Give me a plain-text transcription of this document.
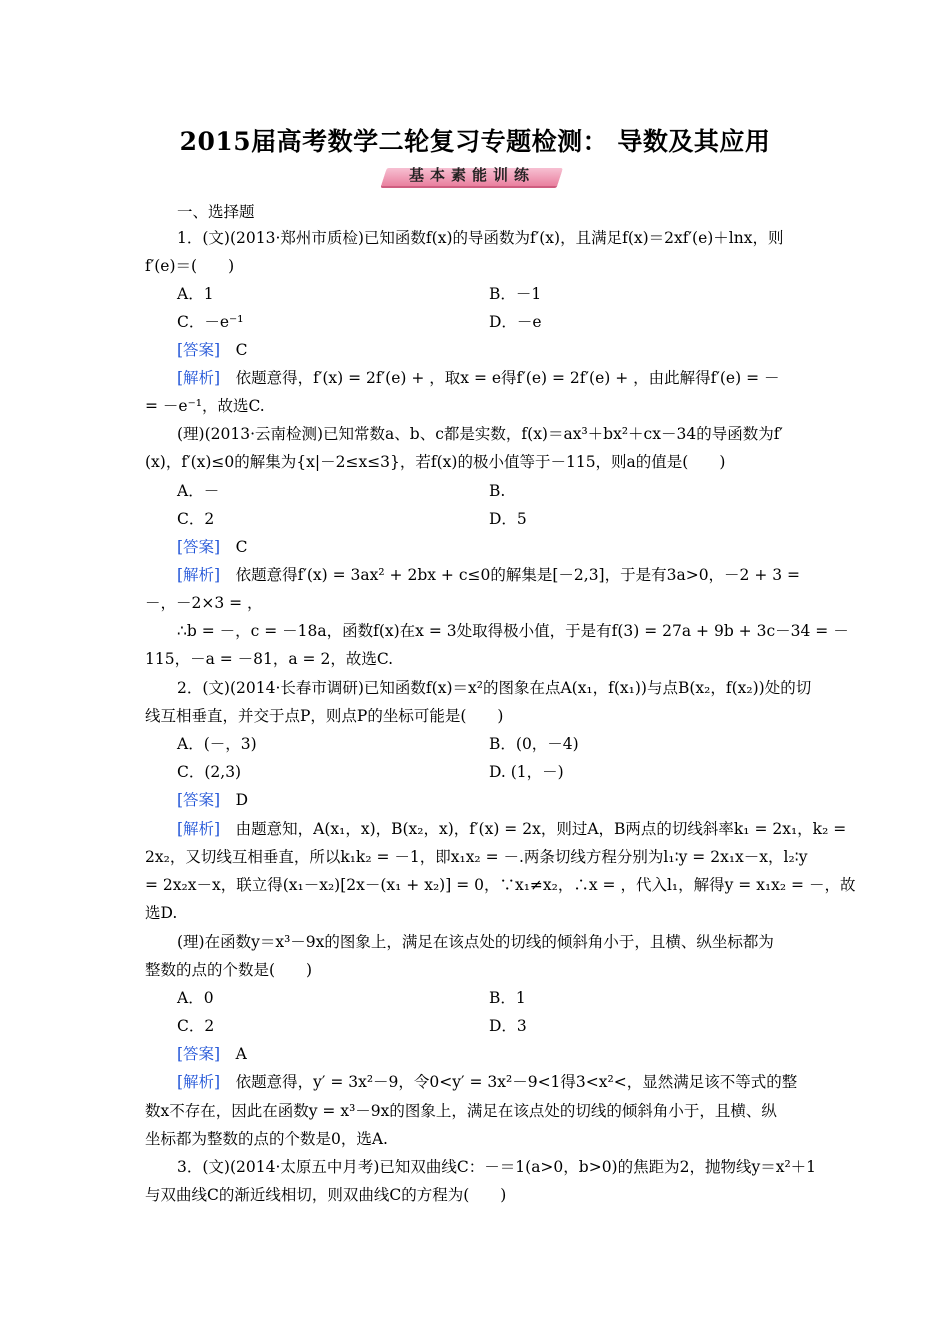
2015届高考数学二轮复习专题检测： 导数及其应用
基本素能训练
一、选择题
1．(文)(2013·郑州市质检)已知函数f(x)的导函数为f′(x)，且满足f(x)＝2xf′(e)＋lnx，则
f′(e)＝(　　)
A．1	B．－1
C．－e⁻¹	D．－e
[答案]　 C
[解析]　 依题意得，f′(x) = 2f′(e) + ，取x = e得f′(e) = 2f′(e) + ，由此解得f′(e) = －
= －e⁻¹，故选C.
(理)(2013·云南检测)已知常数a、b、c都是实数，f(x)＝ax³＋bx²＋cx－34的导函数为f′
(x)，f′(x)≤0的解集为{x|－2≤x≤3}，若f(x)的极小值等于－115，则a的值是(　　)
A．－	B.
C．2	D．5
[答案]　 C
[解析]　 依题意得f′(x) = 3ax² + 2bx + c≤0的解集是[－2,3]，于是有3a>0，－2 + 3 =
－，－2×3 = ，
∴b = －，c = －18a，函数f(x)在x = 3处取得极小值，于是有f(3) = 27a + 9b + 3c－34 = －
115，－a = －81，a = 2，故选C.
2．(文)(2014·长春市调研)已知函数f(x)＝x²的图象在点A(x₁，f(x₁))与点B(x₂，f(x₂))处的切
线互相垂直，并交于点P，则点P的坐标可能是(　　)
A．(－，3)	B．(0，－4)
C．(2,3)	D. (1，－)
[答案]　 D
[解析]　 由题意知，A(x₁，x)，B(x₂，x)，f′(x) = 2x，则过A，B两点的切线斜率k₁ = 2x₁，k₂ =
2x₂，又切线互相垂直，所以k₁k₂ = －1，即x₁x₂ = －.两条切线方程分别为l₁∶y = 2x₁x－x，l₂∶y
= 2x₂x－x，联立得(x₁－x₂)[2x－(x₁ + x₂)] = 0，∵x₁≠x₂，∴x = ，代入l₁，解得y = x₁x₂ = －，故
选D.
(理)在函数y＝x³－9x的图象上，满足在该点处的切线的倾斜角小于，且横、纵坐标都为
整数的点的个数是(　　)
A．0	B．1
C．2	D．3
[答案]　 A
[解析]　 依题意得，y′ = 3x²－9，令0<y′ = 3x²－9<1得3<x²<，显然满足该不等式的整
数x不存在，因此在函数y = x³－9x的图象上，满足在该点处的切线的倾斜角小于，且横、纵
坐标都为整数的点的个数是0，选A.
3．(文)(2014·太原五中月考)已知双曲线C：－＝1(a>0，b>0)的焦距为2，抛物线y＝x²＋1
与双曲线C的渐近线相切，则双曲线C的方程为(　　)
